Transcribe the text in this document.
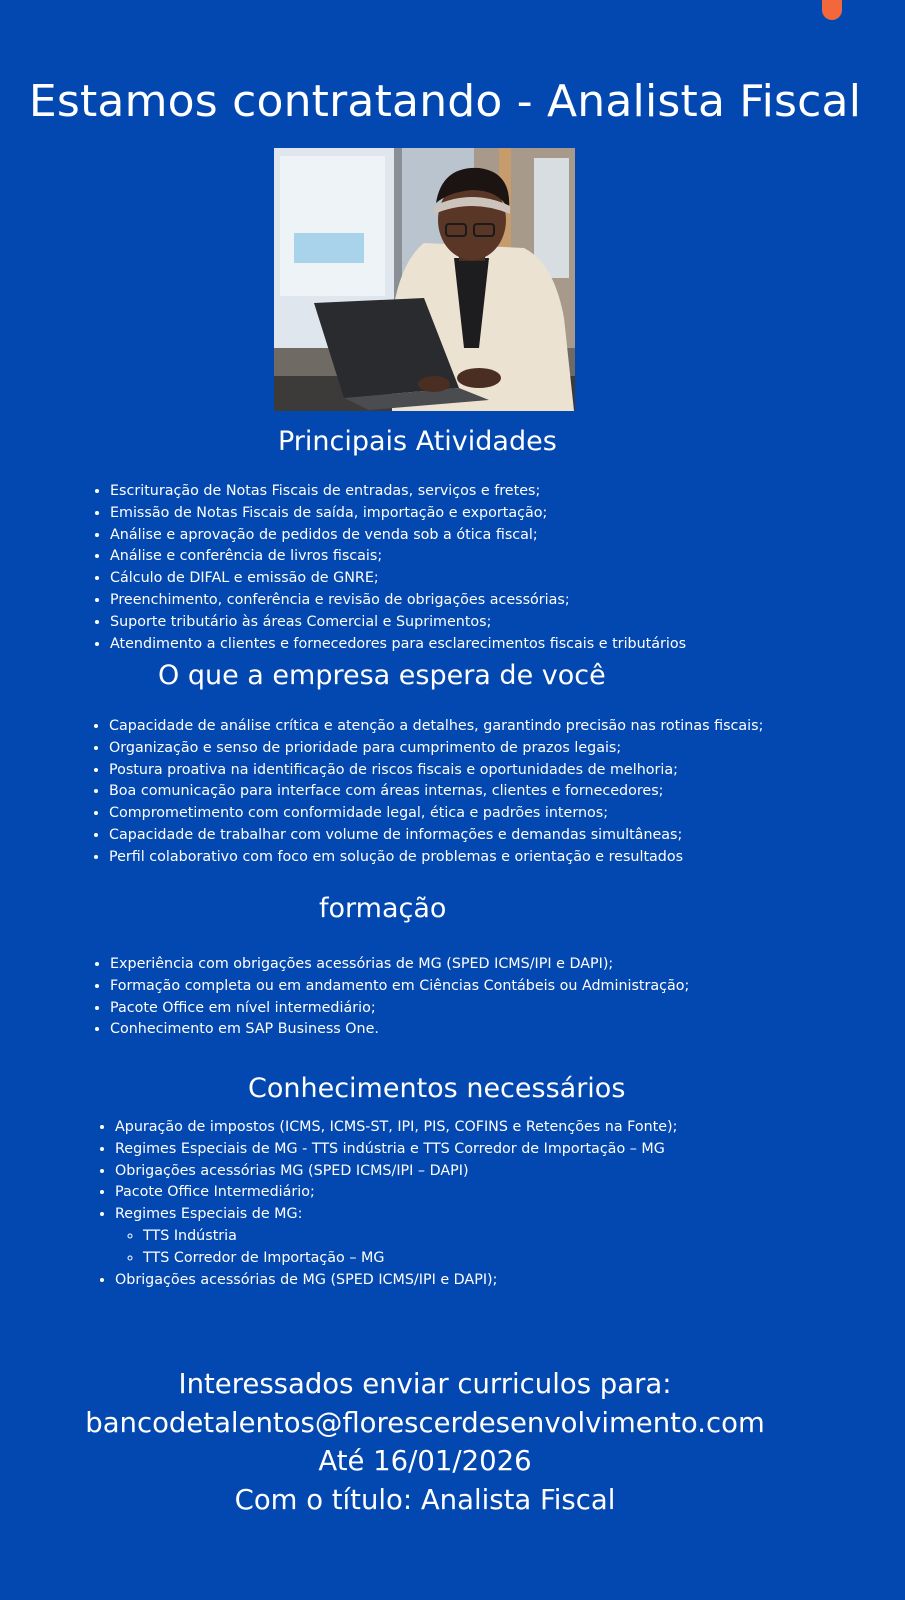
Estamos contratando - Analista Fiscal
Principais Atividades
• Escrituração de Notas Fiscais de entradas, serviços e fretes;
• Emissão de Notas Fiscais de saída, importação e exportação;
• Análise e aprovação de pedidos de venda sob a ótica fiscal;
• Análise e conferência de livros fiscais;
• Cálculo de DIFAL e emissão de GNRE;
• Preenchimento, conferência e revisão de obrigações acessórias;
• Suporte tributário às áreas Comercial e Suprimentos;
• Atendimento a clientes e fornecedores para esclarecimentos fiscais e tributários
O que a empresa espera de você
• Capacidade de análise crítica e atenção a detalhes, garantindo precisão nas rotinas fiscais;
• Organização e senso de prioridade para cumprimento de prazos legais;
• Postura proativa na identificação de riscos fiscais e oportunidades de melhoria;
• Boa comunicação para interface com áreas internas, clientes e fornecedores;
• Comprometimento com conformidade legal, ética e padrões internos;
• Capacidade de trabalhar com volume de informações e demandas simultâneas;
• Perfil colaborativo com foco em solução de problemas e orientação e resultados
formação
• Experiência com obrigações acessórias de MG (SPED ICMS/IPI e DAPI);
• Formação completa ou em andamento em Ciências Contábeis ou Administração;
• Pacote Office em nível intermediário;
• Conhecimento em SAP Business One.
Conhecimentos necessários
• Apuração de impostos (ICMS, ICMS-ST, IPI, PIS, COFINS e Retenções na Fonte);
• Regimes Especiais de MG - TTS indústria e TTS Corredor de Importação – MG
• Obrigações acessórias MG (SPED ICMS/IPI – DAPI)
• Pacote Office Intermediário;
• Regimes Especiais de MG:
◦ TTS Indústria
◦ TTS Corredor de Importação – MG
• Obrigações acessórias de MG (SPED ICMS/IPI e DAPI);
Interessados enviar curriculos para:
bancodetalentos@florescerdesenvolvimento.com
Até 16/01/2026
Com o título: Analista Fiscal
